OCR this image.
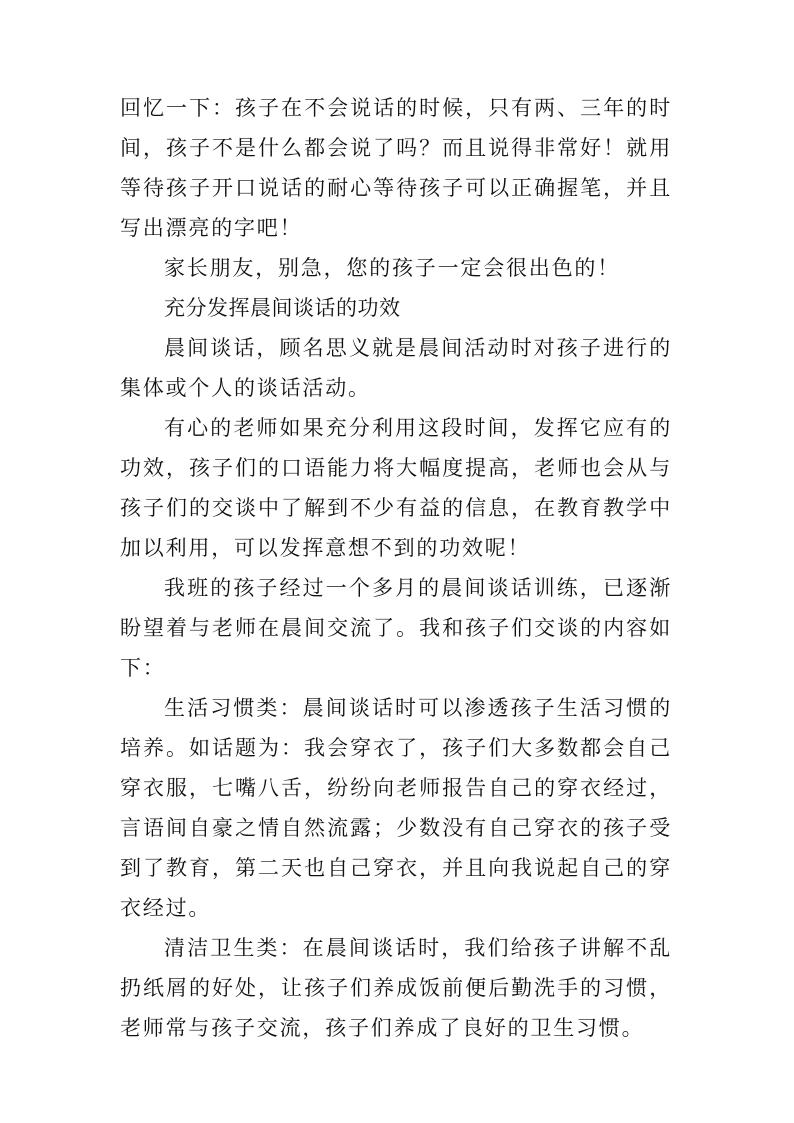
回忆一下：孩子在不会说话的时候，只有两、三年的时间，孩子不是什么都会说了吗？而且说得非常好！就用等待孩子开口说话的耐心等待孩子可以正确握笔，并且写出漂亮的字吧！

家长朋友，别急，您的孩子一定会很出色的！

充分发挥晨间谈话的功效

晨间谈话，顾名思义就是晨间活动时对孩子进行的集体或个人的谈话活动。

有心的老师如果充分利用这段时间，发挥它应有的功效，孩子们的口语能力将大幅度提高，老师也会从与孩子们的交谈中了解到不少有益的信息，在教育教学中加以利用，可以发挥意想不到的功效呢！

我班的孩子经过一个多月的晨间谈话训练，已逐渐盼望着与老师在晨间交流了。我和孩子们交谈的内容如下：

生活习惯类：晨间谈话时可以渗透孩子生活习惯的培养。如话题为：我会穿衣了，孩子们大多数都会自己穿衣服，七嘴八舌，纷纷向老师报告自己的穿衣经过，言语间自豪之情自然流露；少数没有自己穿衣的孩子受到了教育，第二天也自己穿衣，并且向我说起自己的穿衣经过。

清洁卫生类：在晨间谈话时，我们给孩子讲解不乱扔纸屑的好处，让孩子们养成饭前便后勤洗手的习惯，老师常与孩子交流，孩子们养成了良好的卫生习惯。
